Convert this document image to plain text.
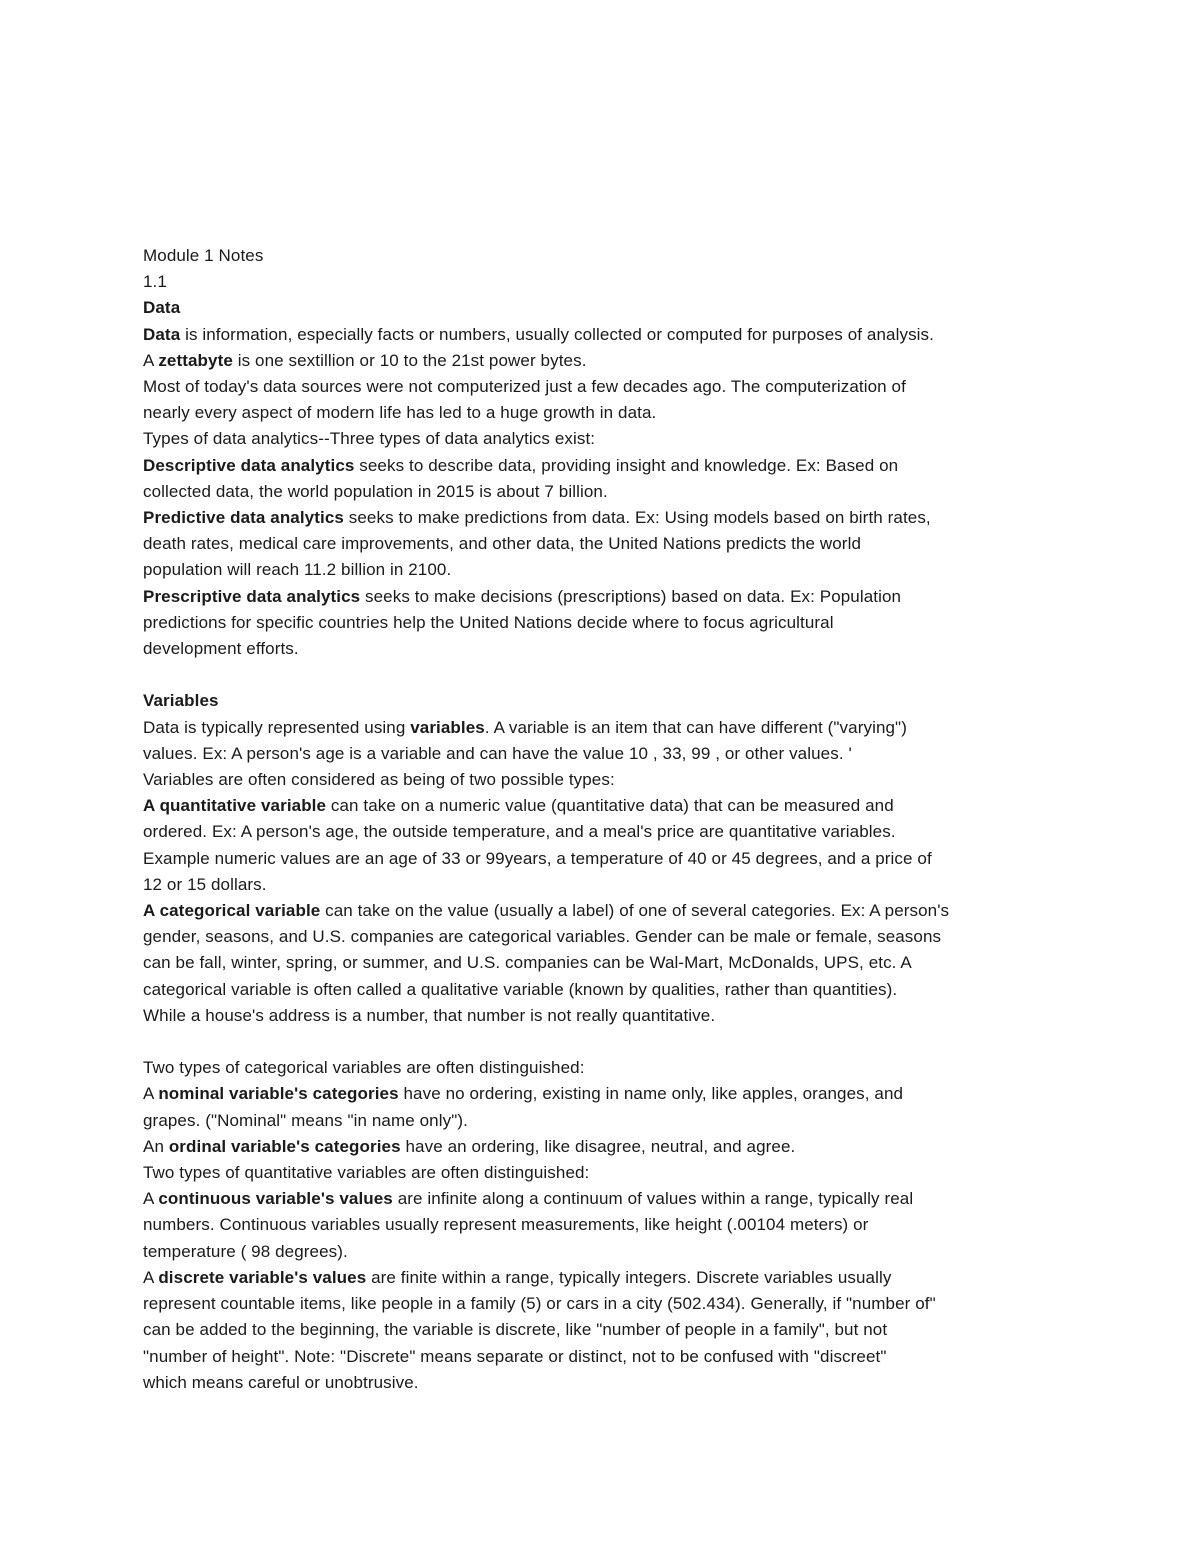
Module 1 Notes
1.1
Data
Data is information, especially facts or numbers, usually collected or computed for purposes of analysis.
A zettabyte is one sextillion or 10 to the 21st power bytes.
Most of today's data sources were not computerized just a few decades ago. The computerization of
nearly every aspect of modern life has led to a huge growth in data.
Types of data analytics--Three types of data analytics exist:
Descriptive data analytics seeks to describe data, providing insight and knowledge. Ex: Based on
collected data, the world population in 2015 is about 7 billion.
Predictive data analytics seeks to make predictions from data. Ex: Using models based on birth rates,
death rates, medical care improvements, and other data, the United Nations predicts the world
population will reach 11.2 billion in 2100.
Prescriptive data analytics seeks to make decisions (prescriptions) based on data. Ex: Population
predictions for specific countries help the United Nations decide where to focus agricultural
development efforts.
Variables
Data is typically represented using variables. A variable is an item that can have different ("varying")
values. Ex: A person's age is a variable and can have the value 10 , 33, 99 , or other values. '
Variables are often considered as being of two possible types:
A quantitative variable can take on a numeric value (quantitative data) that can be measured and
ordered. Ex: A person's age, the outside temperature, and a meal's price are quantitative variables.
Example numeric values are an age of 33 or 99years, a temperature of 40 or 45 degrees, and a price of
12 or 15 dollars.
A categorical variable can take on the value (usually a label) of one of several categories. Ex: A person's
gender, seasons, and U.S. companies are categorical variables. Gender can be male or female, seasons
can be fall, winter, spring, or summer, and U.S. companies can be Wal-Mart, McDonalds, UPS, etc. A
categorical variable is often called a qualitative variable (known by qualities, rather than quantities).
While a house's address is a number, that number is not really quantitative.
Two types of categorical variables are often distinguished:
A nominal variable's categories have no ordering, existing in name only, like apples, oranges, and
grapes. ("Nominal" means "in name only").
An ordinal variable's categories have an ordering, like disagree, neutral, and agree.
Two types of quantitative variables are often distinguished:
A continuous variable's values are infinite along a continuum of values within a range, typically real
numbers. Continuous variables usually represent measurements, like height (.00104 meters) or
temperature ( 98 degrees).
A discrete variable's values are finite within a range, typically integers. Discrete variables usually
represent countable items, like people in a family (5) or cars in a city (502.434). Generally, if "number of"
can be added to the beginning, the variable is discrete, like "number of people in a family", but not
"number of height". Note: "Discrete" means separate or distinct, not to be confused with "discreet"
which means careful or unobtrusive.
